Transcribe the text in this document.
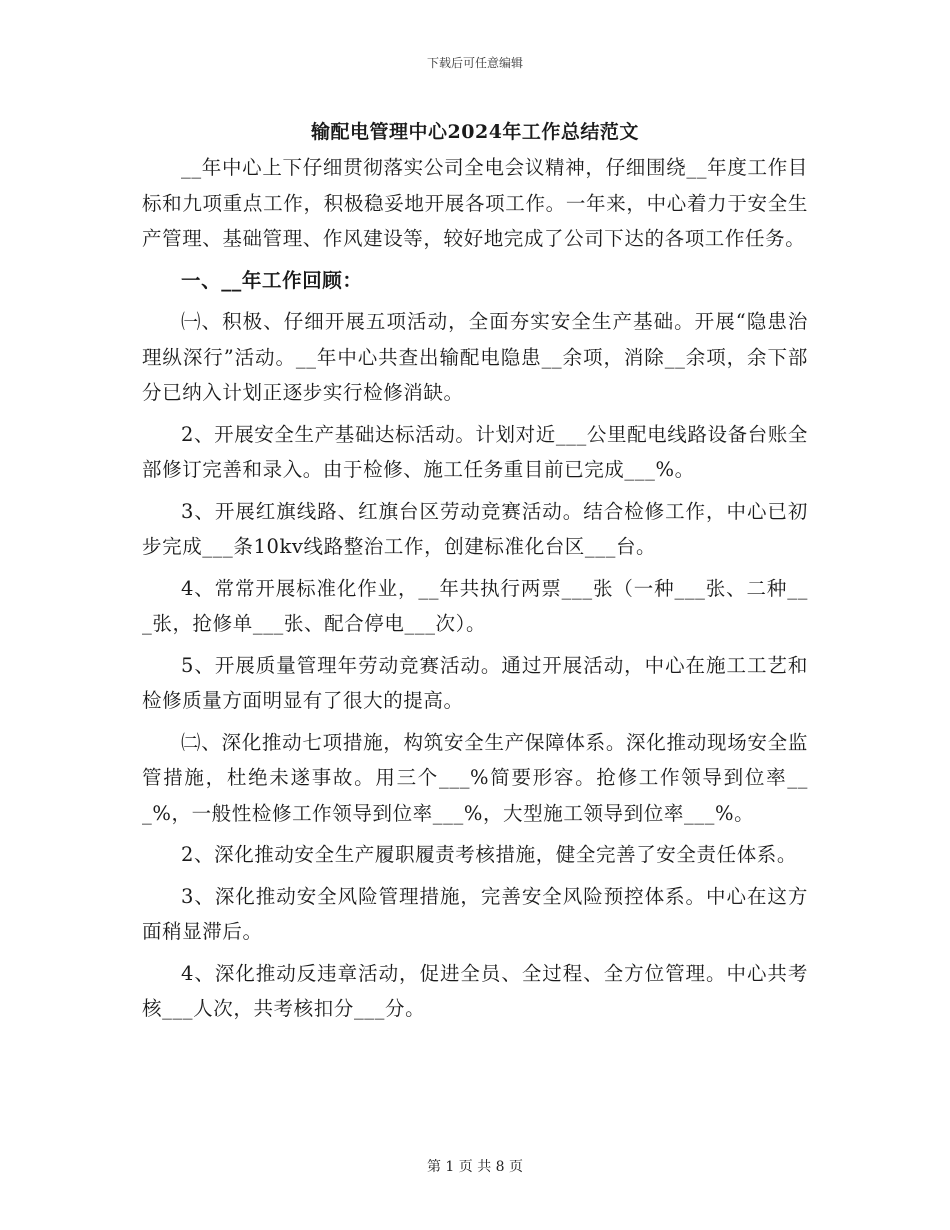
下载后可任意编辑
输配电管理中心2024年工作总结范文

__年中心上下仔细贯彻落实公司全电会议精神，仔细围绕__年度工作目标和九项重点工作，积极稳妥地开展各项工作。一年来，中心着力于安全生产管理、基础管理、作风建设等，较好地完成了公司下达的各项工作任务。

一、__年工作回顾：

㈠、积极、仔细开展五项活动，全面夯实安全生产基础。开展“隐患治理纵深行”活动。__年中心共查出输配电隐患__余项，消除__余项，余下部分已纳入计划正逐步实行检修消缺。

2、开展安全生产基础达标活动。计划对近___公里配电线路设备台账全部修订完善和录入。由于检修、施工任务重目前已完成___%。

3、开展红旗线路、红旗台区劳动竞赛活动。结合检修工作，中心已初步完成___条10kv线路整治工作，创建标准化台区___台。

4、常常开展标准化作业，__年共执行两票___张（一种___张、二种___张，抢修单___张、配合停电___次）。

5、开展质量管理年劳动竞赛活动。通过开展活动，中心在施工工艺和检修质量方面明显有了很大的提高。

㈡、深化推动七项措施，构筑安全生产保障体系。深化推动现场安全监管措施，杜绝未遂事故。用三个___%简要形容。抢修工作领导到位率___%，一般性检修工作领导到位率___%，大型施工领导到位率___%。

2、深化推动安全生产履职履责考核措施，健全完善了安全责任体系。

3、深化推动安全风险管理措施，完善安全风险预控体系。中心在这方面稍显滞后。

4、深化推动反违章活动，促进全员、全过程、全方位管理。中心共考核___人次，共考核扣分___分。

第 1 页 共 8 页
